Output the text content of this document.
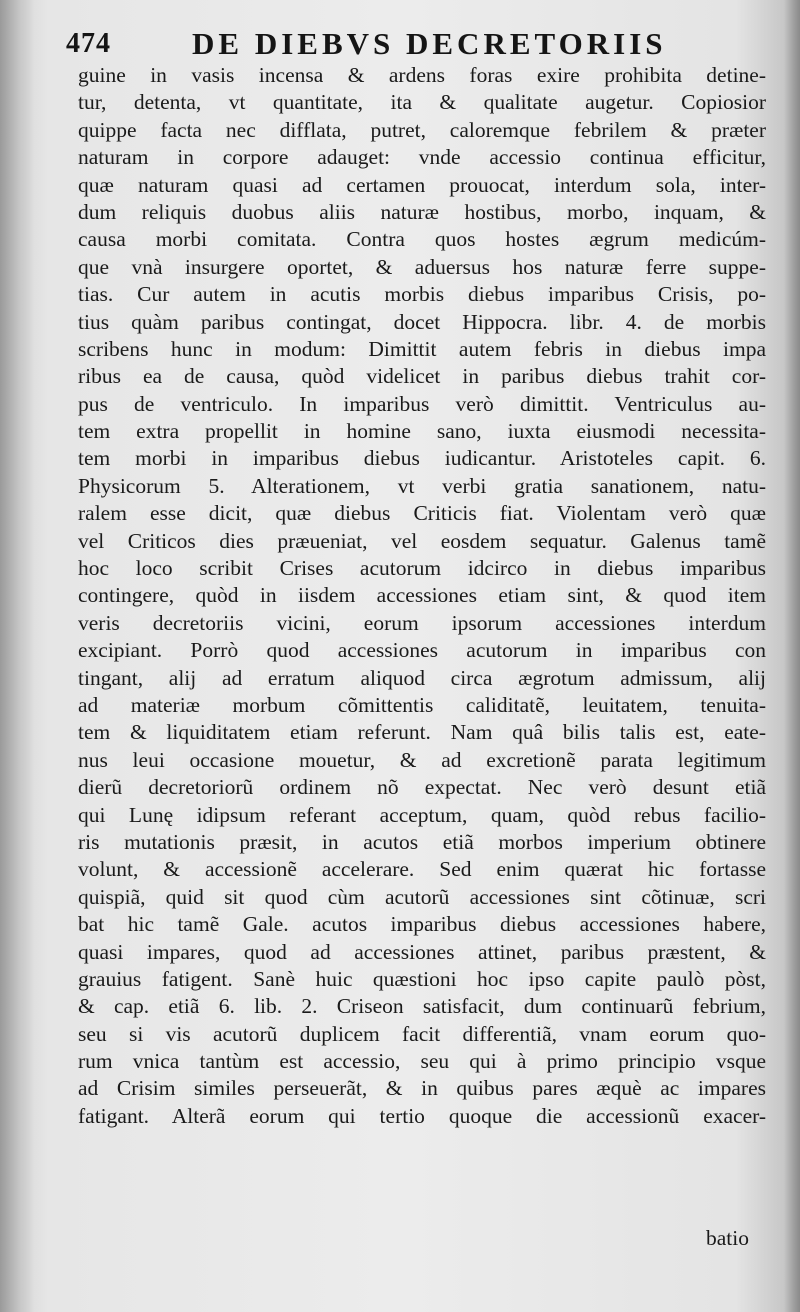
474	DE DIEBVS DECRETORIIS
guine in vasis incensa & ardens foras exire prohibita detine-
tur, detenta, vt quantitate, ita & qualitate augetur. Copiosior
quippe facta nec difflata, putret, caloremque febrilem & præter
naturam in corpore adauget: vnde accessio continua efficitur,
quæ naturam quasi ad certamen prouocat, interdum sola, inter-
dum reliquis duobus aliis naturæ hostibus, morbo, inquam, &
causa morbi comitata. Contra quos hostes ægrum medicúm-
que vnà insurgere oportet, & aduersus hos naturæ ferre suppe-
tias. Cur autem in acutis morbis diebus imparibus Crisis, po-
tius quàm paribus contingat, docet Hippocra. libr. 4. de morbis
scribens hunc in modum: Dimittit autem febris in diebus impa
ribus ea de causa, quòd videlicet in paribus diebus trahit cor-
pus de ventriculo. In imparibus verò dimittit. Ventriculus au-
tem extra propellit in homine sano, iuxta eiusmodi necessita-
tem morbi in imparibus diebus iudicantur. Aristoteles capit. 6.
Physicorum 5. Alterationem, vt verbi gratia sanationem, natu-
ralem esse dicit, quæ diebus Criticis fiat. Violentam verò quæ
vel Criticos dies præueniat, vel eosdem sequatur. Galenus tamẽ
hoc loco scribit Crises acutorum idcirco in diebus imparibus
contingere, quòd in iisdem accessiones etiam sint, & quod item
veris decretoriis vicini, eorum ipsorum accessiones interdum
excipiant. Porrò quod accessiones acutorum in imparibus con
tingant, alij ad erratum aliquod circa ægrotum admissum, alij
ad materiæ morbum cõmittentis caliditatẽ, leuitatem, tenuita-
tem & liquiditatem etiam referunt. Nam quâ bilis talis est, eate-
nus leui occasione mouetur, & ad excretionẽ parata legitimum
dierũ decretoriorũ ordinem nõ expectat. Nec verò desunt etiã
qui Lunę idipsum referant acceptum, quam, quòd rebus facilio-
ris mutationis præsit, in acutos etiã morbos imperium obtinere
volunt, & accessionẽ accelerare. Sed enim quærat hic fortasse
quispiã, quid sit quod cùm acutorũ accessiones sint cõtinuæ, scri
bat hic tamẽ Gale. acutos imparibus diebus accessiones habere,
quasi impares, quod ad accessiones attinet, paribus præstent, &
grauius fatigent. Sanè huic quæstioni hoc ipso capite paulò pòst,
& cap. etiã 6. lib. 2. Criseon satisfacit, dum continuarũ febrium,
seu si vis acutorũ duplicem facit differentiã, vnam eorum quo-
rum vnica tantùm est accessio, seu qui à primo principio vsque
ad Crisim similes perseuerãt, & in quibus pares æquè ac impares
fatigant. Alterã eorum qui tertio quoque die accessionũ exacer-
batio
